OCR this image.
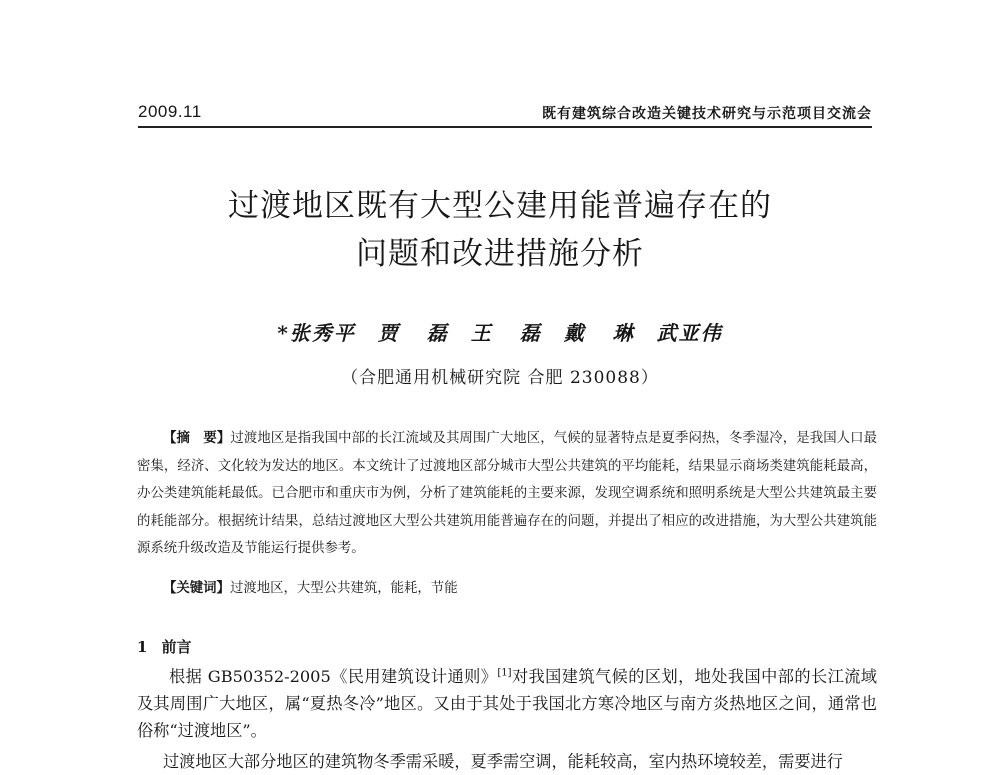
2009.11	既有建筑综合改造关键技术研究与示范项目交流会
过渡地区既有大型公建用能普遍存在的
问题和改进措施分析
*张秀平　贾 磊　王 磊　戴 琳　武亚伟
（合肥通用机械研究院 合肥 230088）

【摘　要】过渡地区是指我国中部的长江流域及其周围广大地区，气候的显著特点是夏季闷热，冬季湿冷，是我国人口最密集，经济、文化较为发达的地区。本文统计了过渡地区部分城市大型公共建筑的平均能耗，结果显示商场类建筑能耗最高，办公类建筑能耗最低。已合肥市和重庆市为例，分析了建筑能耗的主要来源，发现空调系统和照明系统是大型公共建筑最主要的耗能部分。根据统计结果，总结过渡地区大型公共建筑用能普遍存在的问题，并提出了相应的改进措施，为大型公共建筑能源系统升级改造及节能运行提供参考。

【关键词】过渡地区，大型公共建筑，能耗，节能
1 前言

根据 GB50352-2005《民用建筑设计通则》[1]对我国建筑气候的区划，地处我国中部的长江流域及其周围广大地区，属“夏热冬冷”地区。又由于其处于我国北方寒冷地区与南方炎热地区之间，通常也俗称“过渡地区”。

过渡地区大部分地区的建筑物冬季需采暖，夏季需空调，能耗较高，室内热环境较差，需要进行
